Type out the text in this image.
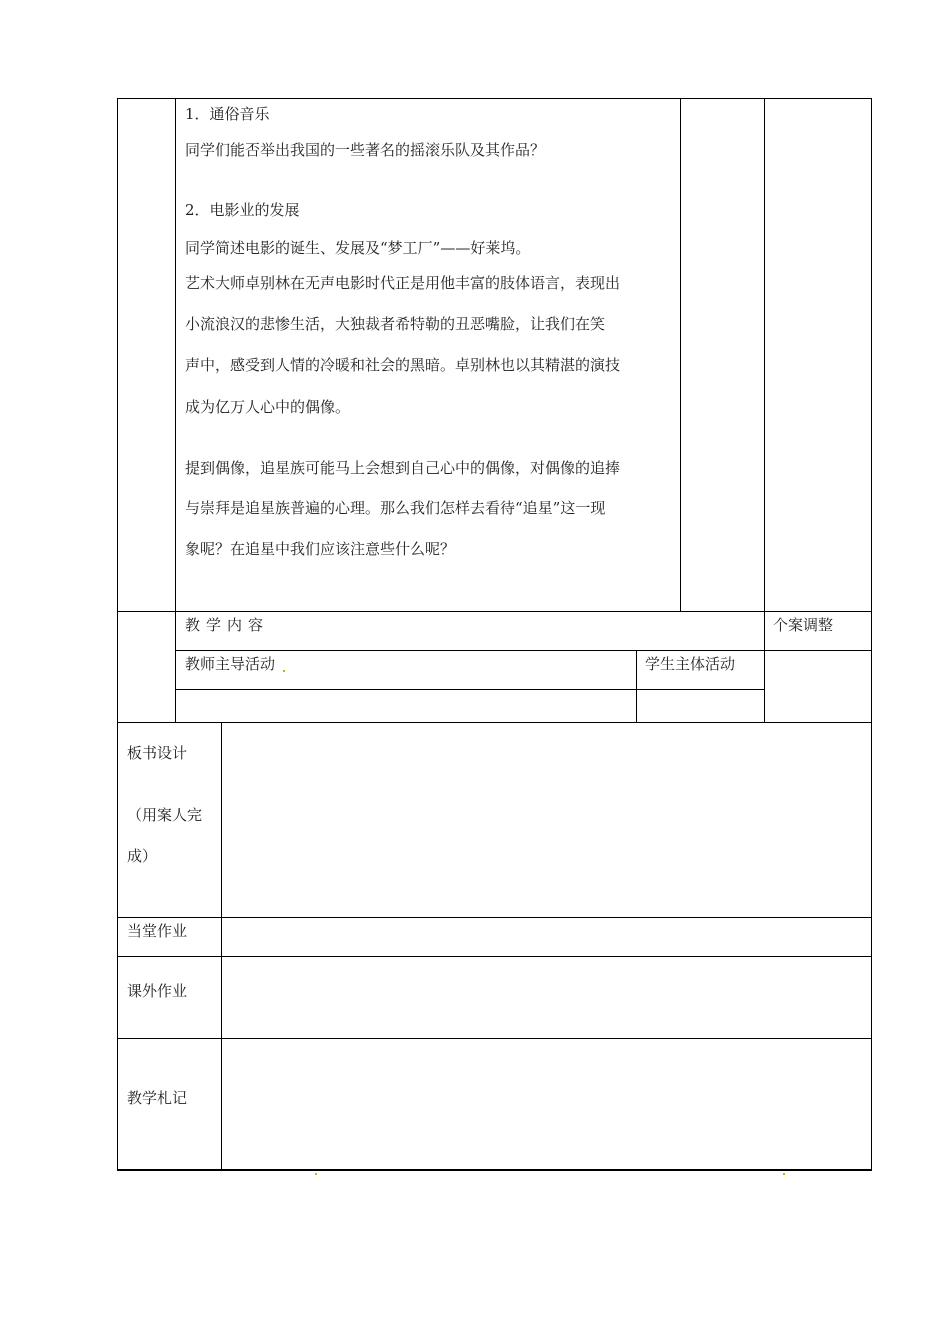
1．通俗音乐
同学们能否举出我国的一些著名的摇滚乐队及其作品？
2．电影业的发展
同学简述电影的诞生、发展及“梦工厂”——好莱坞。
艺术大师卓别林在无声电影时代正是用他丰富的肢体语言，表现出
小流浪汉的悲惨生活，大独裁者希特勒的丑恶嘴脸，让我们在笑
声中，感受到人情的冷暖和社会的黑暗。卓别林也以其精湛的演技
成为亿万人心中的偶像。
提到偶像，追星族可能马上会想到自己心中的偶像，对偶像的追捧
与崇拜是追星族普遍的心理。那么我们怎样去看待“追星”这一现
象呢？在追星中我们应该注意些什么呢？
教学内容	个案调整
教师主导活动	学生主体活动
板书设计
（用案人完
成）
当堂作业
课外作业
教学札记
